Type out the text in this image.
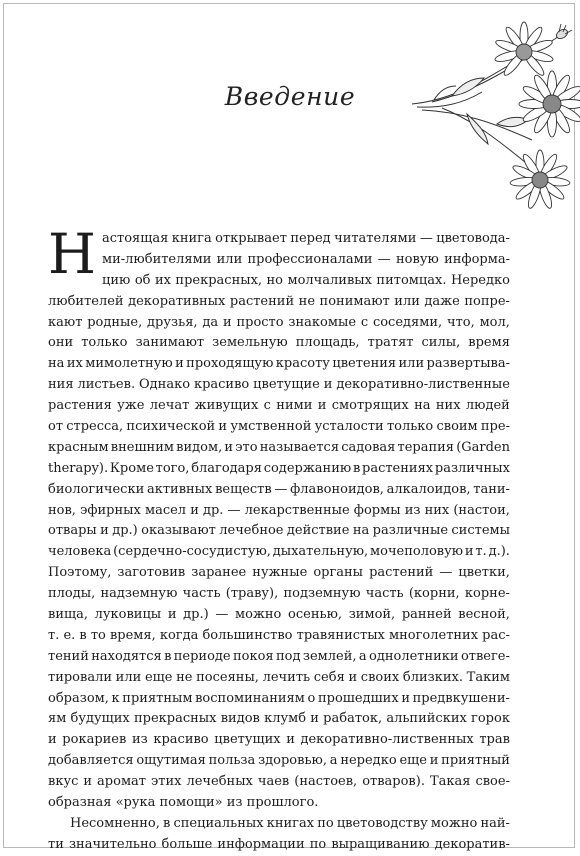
Введение
Н астоящая книга открывает перед читателями — цветовода-
ми-любителями или профессионалами — новую информа-
цию об их прекрасных, но молчаливых питомцах. Нередко
любителей декоративных растений не понимают или даже попре-
кают родные, друзья, да и просто знакомые с соседями, что, мол,
они только занимают земельную площадь, тратят силы, время
на их мимолетную и проходящую красоту цветения или развертыва-
ния листьев. Однако красиво цветущие и декоративно-лиственные
растения уже лечат живущих с ними и смотрящих на них людей
от стресса, психической и умственной усталости только своим пре-
красным внешним видом, и это называется садовая терапия (Garden
therapy). Кроме того, благодаря содержанию в растениях различных
биологически активных веществ — флавоноидов, алкалоидов, тани-
нов, эфирных масел и др. — лекарственные формы из них (настои,
отвары и др.) оказывают лечебное действие на различные системы
человека (сердечно-сосудистую, дыхательную, мочеполовую и т. д.).
Поэтому, заготовив заранее нужные органы растений — цветки,
плоды, надземную часть (траву), подземную часть (корни, корне-
вища, луковицы и др.) — можно осенью, зимой, ранней весной,
т. е. в то время, когда большинство травянистых многолетних рас-
тений находятся в периоде покоя под землей, а однолетники отвеге-
тировали или еще не посеяны, лечить себя и своих близких. Таким
образом, к приятным воспоминаниям о прошедших и предвкушени-
ям будущих прекрасных видов клумб и рабаток, альпийских горок
и рокариев из красиво цветущих и декоративно-лиственных трав
добавляется ощутимая польза здоровью, а нередко еще и приятный
вкус и аромат этих лечебных чаев (настоев, отваров). Такая свое-
образная «рука помощи» из прошлого.
Несомненно, в специальных книгах по цветоводству можно най-
ти значительно больше информации по выращиванию декоратив-
